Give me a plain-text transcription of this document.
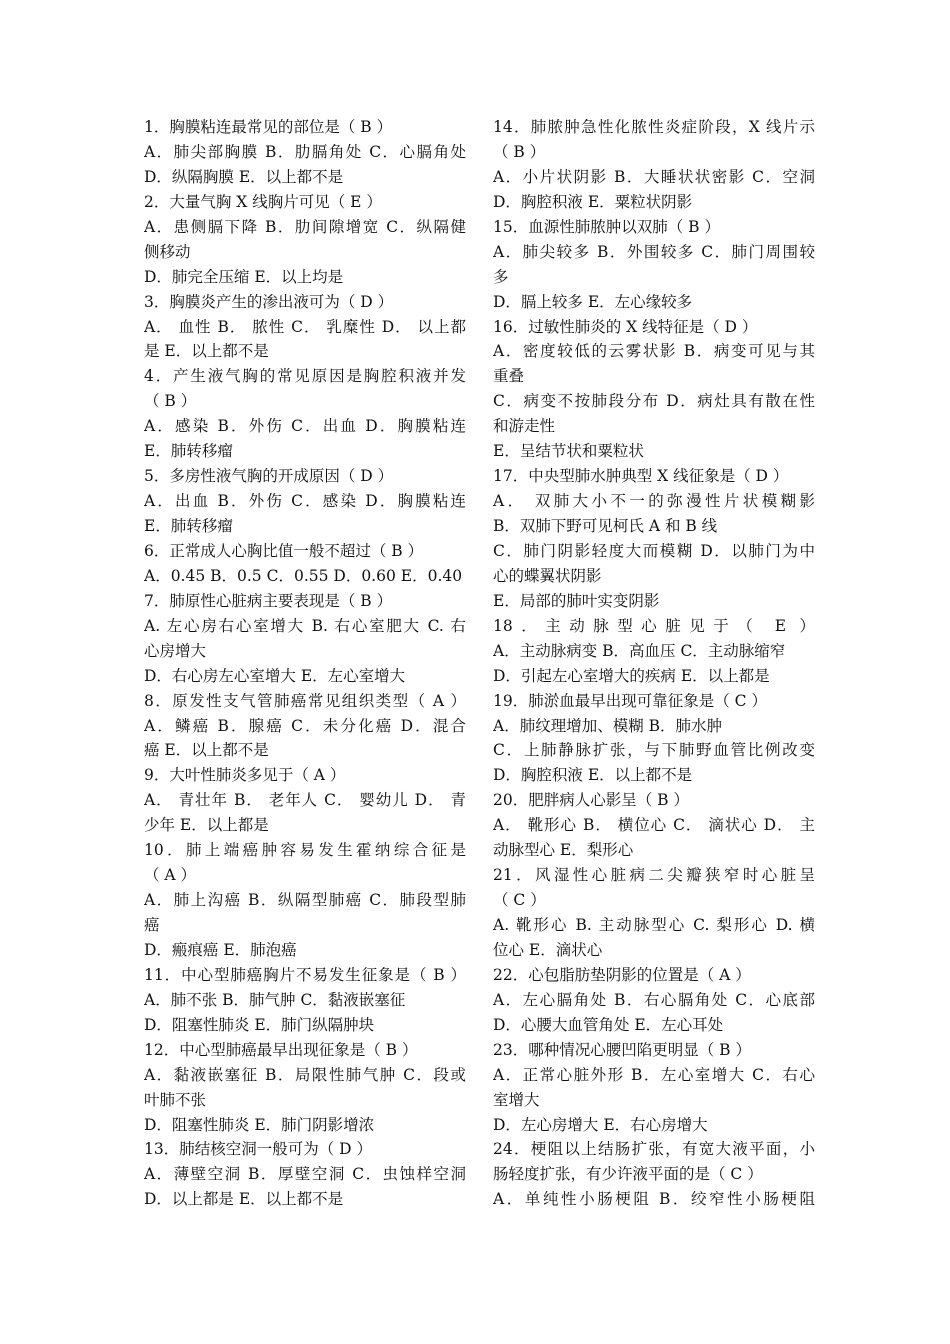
1．胸膜粘连最常见的部位是（ B ）
A．肺尖部胸膜 B．肋膈角处 C．心膈角处
D．纵隔胸膜 E．以上都不是
2．大量气胸 X 线胸片可见（ E ）
A．患侧膈下降 B．肋间隙增宽 C．纵隔健
侧移动
D．肺完全压缩 E．以上均是
3．胸膜炎产生的渗出液可为（ D ）
A． 血性 B． 脓性 C． 乳糜性 D． 以上都
是 E．以上都不是
4．产生液气胸的常见原因是胸腔积液并发
（ B ）
A．感染 B．外伤 C．出血 D．胸膜粘连
E．肺转移瘤
5．多房性液气胸的开成原因（ D ）
A．出血 B．外伤 C．感染 D．胸膜粘连
E．肺转移瘤
6．正常成人心胸比值一般不超过（ B ）
A．0.45 B．0.5 C．0.55 D．0.60 E．0.40
7．肺原性心脏病主要表现是（ B ）
A. 左心房右心室增大 B. 右心室肥大 C. 右
心房增大
D．右心房左心室增大 E．左心室增大
8．原发性支气管肺癌常见组织类型（ A ）
A．鳞癌 B．腺癌 C．未分化癌 D．混合
癌 E．以上都不是
9．大叶性肺炎多见于（ A ）
A． 青壮年 B． 老年人 C． 婴幼儿 D． 青
少年 E．以上都是
10．肺上端癌肿容易发生霍纳综合征是
（ A ）
A．肺上沟癌 B．纵隔型肺癌 C．肺段型肺
癌
D．瘢痕癌 E．肺泡癌
11．中心型肺癌胸片不易发生征象是（ B ）
A．肺不张 B．肺气肿 C．黏液嵌塞征
D．阻塞性肺炎 E．肺门纵隔肿块
12．中心型肺癌最早出现征象是（ B ）
A．黏液嵌塞征 B．局限性肺气肿 C．段或
叶肺不张
D．阻塞性肺炎 E．肺门阴影增浓
13．肺结核空洞一般可为（ D ）
A．薄壁空洞 B．厚壁空洞 C．虫蚀样空洞
D．以上都是 E．以上都不是
14．肺脓肿急性化脓性炎症阶段，X 线片示
（ B ）
A．小片状阴影 B．大睡状状密影 C．空洞
D．胸腔积液 E．粟粒状阴影
15．血源性肺脓肿以双肺（ B ）
A．肺尖较多 B．外围较多 C．肺门周围较
多
D．膈上较多 E．左心缘较多
16．过敏性肺炎的 X 线特征是（ D ）
A．密度较低的云雾状影 B．病变可见与其
重叠
C．病变不按肺段分布 D．病灶具有散在性
和游走性
E．呈结节状和粟粒状
17．中央型肺水肿典型 X 线征象是（ D ）
A． 双肺大小不一的弥漫性片状模糊影
B．双肺下野可见柯氏 A 和 B 线
C．肺门阴影轻度大而模糊 D．以肺门为中
心的蝶翼状阴影
E．局部的肺叶实变阴影
18．主动脉型心脏见于（ E ）
A．主动脉病变 B．高血压 C．主动脉缩窄
D．引起左心室增大的疾病 E．以上都是
19．肺淤血最早出现可靠征象是（ C ）
A．肺纹理增加、模糊 B．肺水肿
C．上肺静脉扩张，与下肺野血管比例改变
D．胸腔积液 E．以上都不是
20．肥胖病人心影呈（ B ）
A． 靴形心 B． 横位心 C． 滴状心 D． 主
动脉型心 E．梨形心
21．风湿性心脏病二尖瓣狭窄时心脏呈
（ C ）
A. 靴形心 B. 主动脉型心 C. 梨形心 D. 横
位心 E．滴状心
22．心包脂肪垫阴影的位置是（ A ）
A．左心膈角处 B．右心膈角处 C．心底部
D．心腰大血管角处 E．左心耳处
23．哪种情况心腰凹陷更明显（ B ）
A．正常心脏外形 B．左心室增大 C．右心
室增大
D．左心房增大 E．右心房增大
24．梗阻以上结肠扩张，有宽大液平面，小
肠轻度扩张，有少许液平面的是（ C ）
A．单纯性小肠梗阻 B．绞窄性小肠梗阻
